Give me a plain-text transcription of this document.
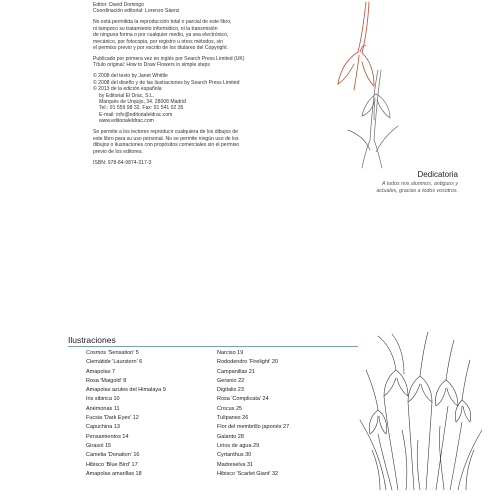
Editor: David Domingo
Coordinación editorial: Lorenzo Sáenz

No está permitida la reproducción total o parcial de este libro,
ni tampoco su tratamiento informático, ni la transmisión
de ninguna forma o por cualquier medio, ya sea electrónico,
mecánico, por fotocopia, por registro u otros métodos, sin
el permiso previo y por escrito de los titulares del Copyright.

Publicado por primera vez en inglés por Search Press Limited (UK)
Título original: How to Draw Flowers in simple steps

© 2008 del texto by Janet Whittle
© 2008 del diseño y de las ilustraciones by Search Press Limited
© 2013 de la edición española
by Editorial El Drac, S.L.
Marqués de Urquijo, 34. 28008 Madrid
Tel.: 91 559 98 32. Fax: 91 541 02 35
E-mail: info@editorialeldrac.com
www.editorialeldrac.com

Se permite a los lectores reproducir cualquiera de los dibujos de
este libro para su uso personal. No se permite ningún uso de los
dibujos o ilustraciones con propósitos comerciales sin el permiso
previo de los editores.

ISBN: 978-84-9874-317-3

Dedicatoria
A todos mis alumnos, antiguos y
actuales, gracias a todos vosotros.
Ilustraciones
Cosmos 'Sensation' 5
Clemátide 'Laurstern' 6
Amapolas 7
Rosa 'Maigold' 8
Amapolas azules del Himalaya 9
Iris sibirica 10
Anémonas 11
Fucsia 'Dark Eyes' 12
Capuchina 13
Pensamientos 14
Girasol 15
Camelia 'Donation' 16
Hibisco 'Blue Bird' 17
Amapolas amarillas 18
Narciso 19
Rododendro 'Firelight' 20
Campanillas 21
Geranio 22
Digitalis 23
Rosa 'Complicata' 24
Crocus 25
Tulipanes 26
Flor del membrillo japonés 27
Galanto 28
Lirios de agua 29
Cyrtanthus 30
Madreselva 31
Hibisco 'Scarlet Giant' 32
